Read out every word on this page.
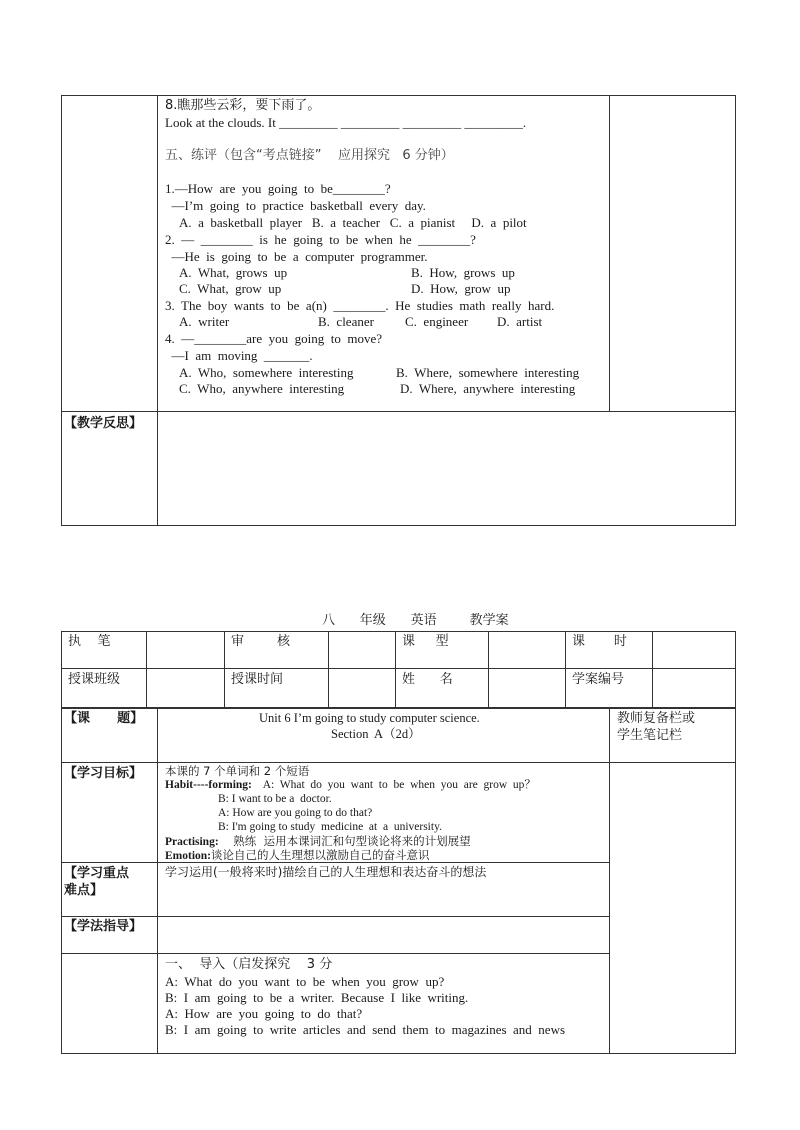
8.瞧那些云彩，要下雨了。
Look at the clouds. It _________ _________ _________ _________.
五、练评（包含“考点链接”    应用探究   6 分钟）
1.—How  are  you  going  to  be________?
—I’m  going  to  practice  basketball  every  day.
A.  a  basketball  player   B.  a  teacher   C.  a  pianist     D.  a  pilot
2.  —  ________  is  he  going  to  be  when  he  ________?
—He  is  going  to  be  a  computer  programmer.
A.  What,  grows  up	B.  How,  grows  up
C.  What,  grow  up	D.  How,  grow  up
3.  The  boy  wants  to  be  a(n)  ________.  He  studies  math  really  hard.
A.  writer	B.  cleaner C.  engineer D.  artist
4.  —________are  you  going  to  move?
—I  am  moving  _______.
A.  Who,  somewhere  interesting	B.  Where,  somewhere  interesting
C.  Who,  anywhere  interesting	D.  Where,  anywhere  interesting
【教学反思】
八      年级      英语        教学案
执    笔	审        核	课     型	课       时
授课班级	授课时间	姓      名	学案编号
【课      题】	Unit 6 I’m going to study computer science.
Section  A（2d）
教师复备栏或
学生笔记栏
【学习目标】 本课的 7 个单词和 2 个短语
Habit----forming:    A:  What  do  you  want  to  be  when  you  are  grow  up？
B: I want to be a  doctor.
A: How are you going to do that?
B: I'm going to study  medicine  at  a  university.
Practising:    熟练  运用本课词汇和句型谈论将来的计划展望
Emotion:谈论自己的人生理想以激励自己的奋斗意识
【学习重点
难点】
学习运用(一般将来时)描绘自己的人生理想和表达奋斗的想法
【学法指导】
一、  导入（启发探究    3 分
A:  What  do  you  want  to  be  when  you  grow  up?
B:  I  am  going  to  be  a  writer.  Because  I  like  writing.
A:  How  are  you  going  to  do  that?
B:  I  am  going  to  write  articles  and  send  them  to  magazines  and  news
